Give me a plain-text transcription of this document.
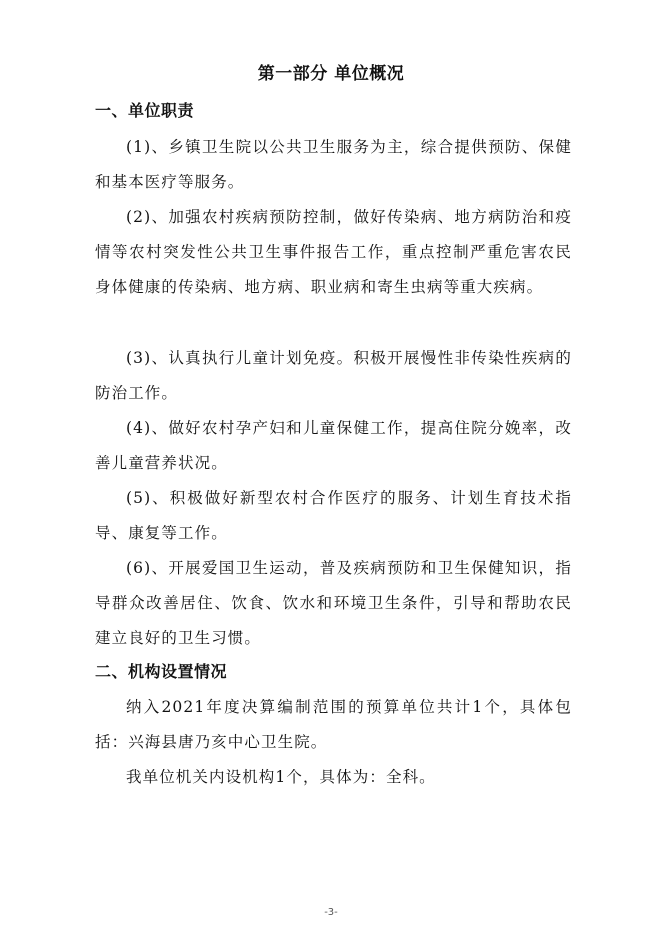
第一部分 单位概况
一、单位职责
(1)、乡镇卫生院以公共卫生服务为主，综合提供预防、保健和基本医疗等服务。
(2)、加强农村疾病预防控制，做好传染病、地方病防治和疫情等农村突发性公共卫生事件报告工作，重点控制严重危害农民身体健康的传染病、地方病、职业病和寄生虫病等重大疾病。
(3)、认真执行儿童计划免疫。积极开展慢性非传染性疾病的防治工作。
(4)、做好农村孕产妇和儿童保健工作，提高住院分娩率，改善儿童营养状况。
(5)、积极做好新型农村合作医疗的服务、计划生育技术指导、康复等工作。
(6)、开展爱国卫生运动，普及疾病预防和卫生保健知识，指导群众改善居住、饮食、饮水和环境卫生条件，引导和帮助农民建立良好的卫生习惯。
二、机构设置情况
纳入2021年度决算编制范围的预算单位共计1个，具体包括：兴海县唐乃亥中心卫生院。
我单位机关内设机构1个，具体为：全科。
-3-
